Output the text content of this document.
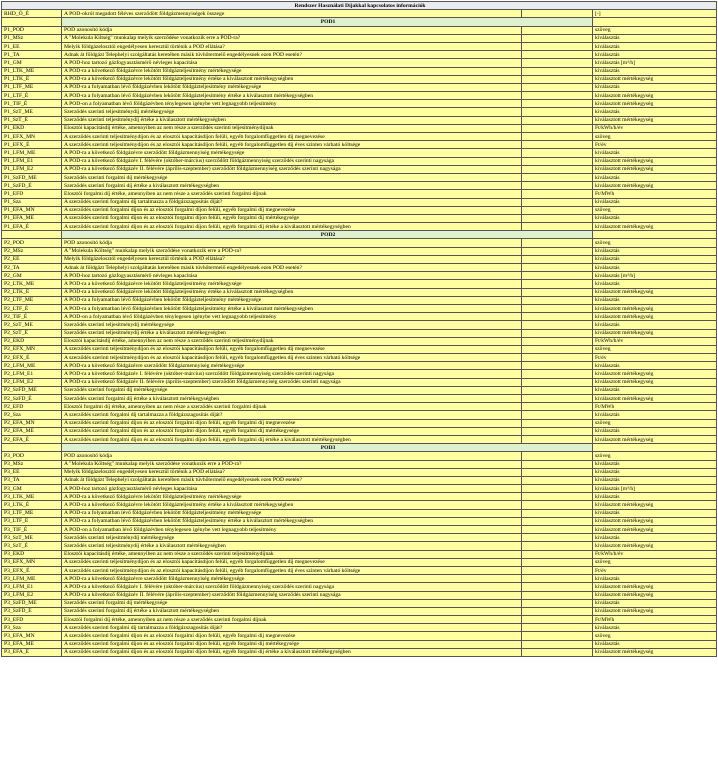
Rendszer Használati Díjakkal kapcsolatos információk			
RHD_Ö_É	A POD-okról megadott féléves szerződött földgázmennyiségek összege		[-]
	POD1		
P1_POD	POD azonosító kódja		szöveg
P1_MSz	A "Molekula Kiltség" munkalap melyik szerződése vonatkozik erre a POD-ra?		kiválasztás
P1_EE	Melyik földgázelosztói engedélyesen keresztül történik a POD ellátása?		kiválasztás
P1_TA	Adnak át földgázt Telephelyi szolgáltatás keretében másik tüvhőtermelő engedélyesnek ezen POD esetén?		kiválasztás
P1_GM	A POD-hoz tartozó gázfogyasztásmérő névleges kapacitása		kiválasztás [m³/h]
P1_LTK_ME	A POD-ra a következő földgázévre lekötött földgázteljesítmény mértékegysége		kiválasztás
P1_LTK_É	A POD-ra a következő földgázévre lekötött földgázteljesítmény értéke a kiválasztott mértékegységben		kiválasztott mértékegység
P1_LTF_ME	A POD-ra a folyamatban lévő földgázévben lekötött földgázteljesítmény mértékegysége		kiválasztás
P1_LTF_É	A POD-ra a folyamatban lévő földgázévben lekötött földgázteljesítmény értéke a kiválasztott mértékegységben		kiválasztott mértékegység
P1_TIF_É	A POD-on a folyamatban lévő földgázévben ténylegesen igénybe vett legnagyobb teljesítmény		kiválasztott mértékegység
P1_SzT_ME	Szerződés szerinti teljesítménydíj mértékegysége		kiválasztás
P1_SzT_É	Szerződés szerinti teljesítménydíj értéke a kiválasztott mértékegységben		kiválasztott mértékegység
P1_EKD	Elosztói kapacitásdíj értéke, amennyiben az nem része a szerződés szerinti teljesítménydíjnak		Ft/kWh/h/év
P1_EFX_MN	A szerződés szerinti teljesítménydíjon és az elosztói kapacitásdíjon felüli, egyéb forgalomfüggetlen díj megnevezése		szöveg
P1_EFX_É	A szerződés szerinti teljesítménydíjon és az elosztói kapacitásdíjon felüli, egyéb forgalomfüggetlen díj éves szinten várható költsége		Ft/év
P1_LFM_ME	A POD-ra a következő földgázévre szerződött földgázmennyiség mértékegysége		kiválasztás
P1_LFM_E1	A POD-ra a következő földgázév I. félévére (október-március) szerződött földgázmennyiség szerződés szerinti nagysága		kiválasztott mértékegység
P1_LFM_E2	A POD-ra a következő földgázév II. félévére (április-szeptember) szerződött földgázmennyiség szerződés szerinti nagysága		kiválasztott mértékegység
P1_SzFD_ME	Szerződés szerinti forgalmi díj mértékegysége		kiválasztás
P1_SzFD_É	Szerződés szerinti forgalmi díj értéke a kiválasztott mértékegységben		kiválasztott mértékegység
P1_EFD	Elosztói forgalmi díj értéke, amennyiben az nem része a szerződés szerinti forgalmi díjnak		Ft/MWh
P1_Sza	A szerződés szerinti forgalmi díj tartalmazza a földgázszagosítás díját?		kiválasztás
P1_EFA_MN	A szerződés szerinti forgalmi díjon és az elosztói forgalmi díjon felüli, egyéb forgalmi díj megnevezése		szöveg
P1_EFA_ME	A szerződés szerinti forgalmi díjon és az elosztói forgalmi díjon felüli, egyéb forgalmi díj mértékegysége		kiválasztás
P1_EFA_É	A szerződés szerinti forgalmi díjon és az elosztói forgalmi díjon felüli, egyéb forgalmi díj értéke a kiválasztott mértékegységben		kiválasztott mértékegység
	POD2		
P2_POD	POD azonosító kódja		szöveg
P2_MSz	A "Molekula Költség" munkalap melyik szerződése vonatkozik erre a POD-ra?		kiválasztás
P2_EE	Melyik földgázelosztói engedélyesen keresztül történik a POD ellátása?		kiválasztás
P2_TA	Adnak át földgázt Telephelyi szolgáltatás keretében másik tüvhőtermelő engedélyesnek ezen POD esetén?		kiválasztás
P2_GM	A POD-hoz tartozó gázfogyasztásmérő névleges kapacitása		kiválasztás [m³/h]
P2_LTK_ME	A POD-ra a következő földgázévre lekötött földgázteljesítmény mértékegysége		kiválasztás
P2_LTK_É	A POD-ra a következő földgázévre lekötött földgázteljesítmény értéke a kiválasztott mértékegységben		kiválasztott mértékegység
P2_LTF_ME	A POD-ra a folyamatban lévő földgázévben lekötött földgázteljesítmény mértékegysége		kiválasztás
P2_LTF_É	A POD-ra a folyamatban lévő földgázévben lekötött földgázteljesítmény értéke a kiválasztott mértékegységben		kiválasztott mértékegység
P2_TIF_É	A POD-on a folyamatban lévő földgázévben ténylegesen igénybe vett legnagyobb teljesítmény		kiválasztott mértékegység
P2_SzT_ME	Szerződés szerinti teljesítménydíj mértékegysége		kiválasztás
P2_SzT_É	Szerződés szerinti teljesítménydíj értéke a kiválasztott mértékegységben		kiválasztott mértékegység
P2_EKD	Elosztói kapacitásdíj értéke, amennyiben az nem része a szerződés szerinti teljesítménydíjnak		Ft/kWh/h/év
P2_EFX_MN	A szerződés szerinti teljesítménydíjon és az elosztói kapacitásdíjon felüli, egyéb forgalomfüggetlen díj megnevezése		szöveg
P2_EFX_É	A szerződés szerinti teljesítménydíjon és az elosztói kapacitásdíjon felüli, egyéb forgalomfüggetlen díj éves szinten várható költsége		Ft/év
P2_LFM_ME	A POD-ra a következő földgázévre szerződött földgázmennyiség mértékegysége		kiválasztás
P2_LFM_E1	A POD-ra a következő földgázév I. félévére (október-március) szerződött földgázmennyiség szerződés szerinti nagysága		kiválasztott mértékegység
P2_LFM_E2	A POD-ra a következő földgázév II. félévére (április-szeptember) szerződött földgázmennyiség szerződés szerinti nagysága		kiválasztott mértékegység
P2_SzFD_ME	Szerződés szerinti forgalmi díj mértékegysége		kiválasztás
P2_SzFD_É	Szerződés szerinti forgalmi díj értéke a kiválasztott mértékegységben		kiválasztott mértékegység
P2_EFD	Elosztói forgalmi díj értéke, amennyiben az nem része a szerződés szerinti forgalmi díjnak		Ft/MWh
P2_Sza	A szerződés szerinti forgalmi díj tartalmazza a földgázszagosítás díját?		kiválasztás
P2_EFA_MN	A szerződés szerinti forgalmi díjon és az elosztói forgalmi díjon felüli, egyéb forgalmi díj megnevezése		szöveg
P2_EFA_ME	A szerződés szerinti forgalmi díjon és az elosztói forgalmi díjon felüli, egyéb forgalmi díj mértékegysége		kiválasztás
P2_EFA_É	A szerződés szerinti forgalmi díjon és az elosztói forgalmi díjon felüli, egyéb forgalmi díj értéke a kiválasztott mértékegységben		kiválasztott mértékegység
	POD3		
P3_POD	POD azonosító kódja		szöveg
P3_MSz	A "Molekula Költség" munkalap melyik szerződése vonatkozik erre a POD-ra?		kiválasztás
P3_EE	Melyik földgázelosztói engedélyesen keresztül történik a POD ellátása?		kiválasztás
P3_TA	Adnak át földgázt Telephelyi szolgáltatás keretében másik tüvhőtermelő engedélyesnek ezen POD esetén?		kiválasztás
P3_GM	A POD-hoz tartozó gázfogyasztásmérő névleges kapacitása		kiválasztás [m³/h]
P3_LTK_ME	A POD-ra a következő földgázévre lekötött földgázteljesítmény mértékegysége		kiválasztás
P3_LTK_É	A POD-ra a következő földgázévre lekötött földgázteljesítmény értéke a kiválasztott mértékegységben		kiválasztott mértékegység
P3_LTF_ME	A POD-ra a folyamatban lévő földgázévben lekötött földgázteljesítmény mértékegysége		kiválasztás
P3_LTF_É	A POD-ra a folyamatban lévő földgázévben lekötött földgázteljesítmény értéke a kiválasztott mértékegységben		kiválasztott mértékegység
P3_TIF_É	A POD-on a folyamatban lévő földgázévben ténylegesen igénybe vett legnagyobb teljesítmény		kiválasztott mértékegység
P3_SzT_ME	Szerződés szerinti teljesítménydíj mértékegysége		kiválasztás
P3_SzT_É	Szerződés szerinti teljesítménydíj értéke a kiválasztott mértékegységben		kiválasztott mértékegység
P3_EKD	Elosztói kapacitásdíj értéke, amennyiben az nem része a szerződés szerinti teljesítménydíjnak		Ft/kWh/h/év
P3_EFX_MN	A szerződés szerinti teljesítménydíjon és az elosztói kapacitásdíjon felüli, egyéb forgalomfüggetlen díj megnevezése		szöveg
P3_EFX_É	A szerződés szerinti teljesítménydíjon és az elosztói kapacitásdíjon felüli, egyéb forgalomfüggetlen díj éves szinten várható költsége		Ft/év
P3_LFM_ME	A POD-ra a következő földgázévre szerződött földgázmennyiség mértékegysége		kiválasztás
P3_LFM_E1	A POD-ra a következő földgázév I. félévére (október-március) szerződött földgázmennyiség szerződés szerinti nagysága		kiválasztott mértékegység
P3_LFM_E2	A POD-ra a következő földgázév II. félévére (április-szeptember) szerződött földgázmennyiség szerződés szerinti nagysága		kiválasztott mértékegység
P3_SzFD_ME	Szerződés szerinti forgalmi díj mértékegysége		kiválasztás
P3_SzFD_É	Szerződés szerinti forgalmi díj értéke a kiválasztott mértékegységben		kiválasztott mértékegység
P3_EFD	Elosztói forgalmi díj értéke, amennyiben az nem része a szerződés szerinti forgalmi díjnak		Ft/MWh
P3_Sza	A szerződés szerinti forgalmi díj tartalmazza a földgázszagosítás díját?		kiválasztás
P3_EFA_MN	A szerződés szerinti forgalmi díjon és az elosztói forgalmi díjon felüli, egyéb forgalmi díj megnevezése		szöveg
P3_EFA_ME	A szerződés szerinti forgalmi díjon és az elosztói forgalmi díjon felüli, egyéb forgalmi díj mértékegysége		kiválasztás
P3_EFA_É	A szerződés szerinti forgalmi díjon és az elosztói forgalmi díjon felüli, egyéb forgalmi díj értéke a kiválasztott mértékegységben		kiválasztott mértékegység
